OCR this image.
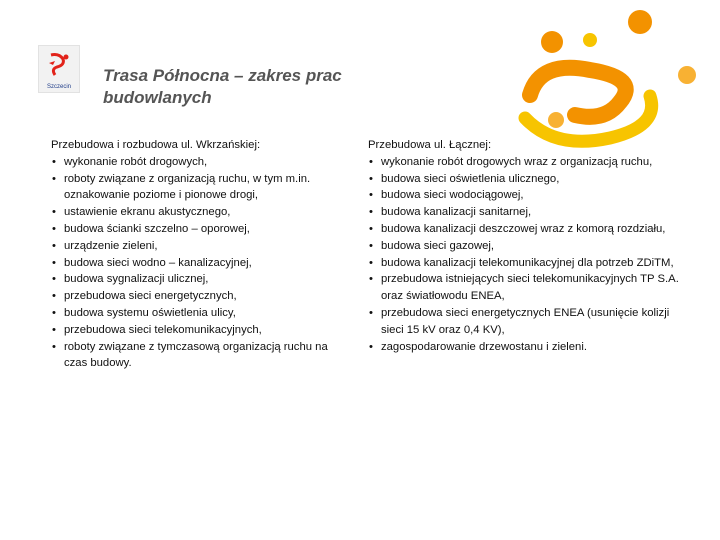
Szczecin
Trasa Północna – zakres prac budowlanych

Przebudowa i rozbudowa ul. Wkrzańskiej:

• wykonanie robót drogowych,
• roboty związane z organizacją ruchu, w tym m.in. oznakowanie poziome i pionowe drogi,
• ustawienie ekranu akustycznego,
• budowa ścianki szczelno – oporowej,
• urządzenie zieleni,
• budowa sieci wodno – kanalizacyjnej,
• budowa sygnalizacji ulicznej,
• przebudowa sieci energetycznych,
• budowa systemu oświetlenia ulicy,
• przebudowa sieci telekomunikacyjnych,
• roboty związane z tymczasową organizacją ruchu na czas budowy.

Przebudowa ul. Łącznej:

• wykonanie robót drogowych wraz z organizacją ruchu,
• budowa sieci oświetlenia ulicznego,
• budowa sieci wodociągowej,
• budowa kanalizacji sanitarnej,
• budowa kanalizacji deszczowej wraz z komorą rozdziału,
• budowa sieci gazowej,
• budowa kanalizacji telekomunikacyjnej dla potrzeb ZDiTM,
• przebudowa istniejących sieci telekomunikacyjnych TP S.A. oraz światłowodu ENEA,
• przebudowa sieci energetycznych ENEA (usunięcie kolizji sieci 15 kV oraz 0,4 KV),
• zagospodarowanie drzewostanu i zieleni.
